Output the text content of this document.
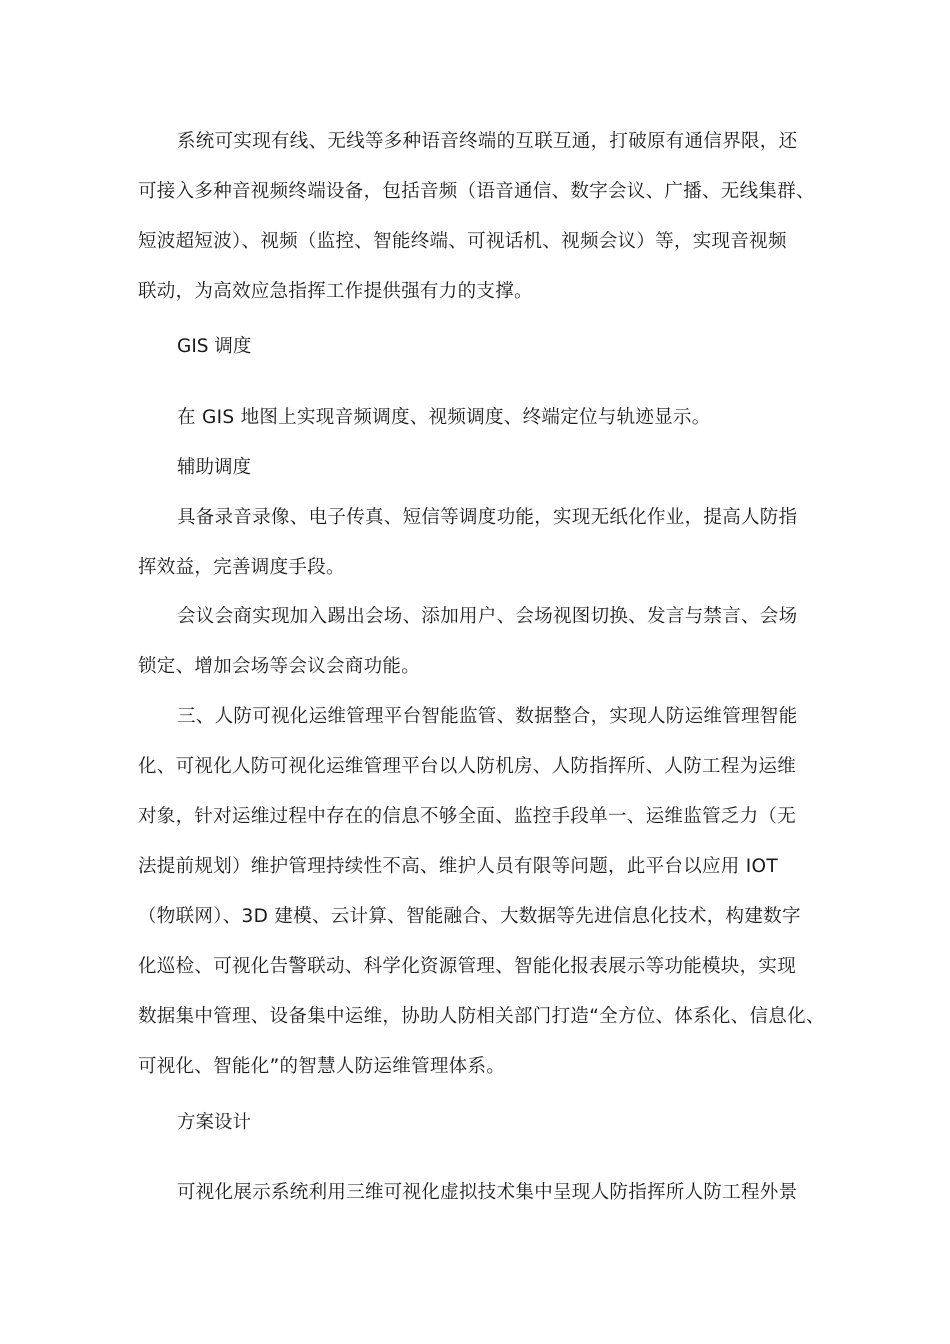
系统可实现有线、无线等多种语音终端的互联互通，打破原有通信界限，还
可接入多种音视频终端设备，包括音频（语音通信、数字会议、广播、无线集群、
短波超短波）、视频（监控、智能终端、可视话机、视频会议）等，实现音视频
联动，为高效应急指挥工作提供强有力的支撑。
GIS 调度
在 GIS 地图上实现音频调度、视频调度、终端定位与轨迹显示。
辅助调度
具备录音录像、电子传真、短信等调度功能，实现无纸化作业，提高人防指
挥效益，完善调度手段。
会议会商实现加入踢出会场、添加用户、会场视图切换、发言与禁言、会场
锁定、增加会场等会议会商功能。
三、人防可视化运维管理平台智能监管、数据整合，实现人防运维管理智能
化、可视化人防可视化运维管理平台以人防机房、人防指挥所、人防工程为运维
对象，针对运维过程中存在的信息不够全面、监控手段单一、运维监管乏力（无
法提前规划）维护管理持续性不高、维护人员有限等问题，此平台以应用 IOT
（物联网）、3D 建模、云计算、智能融合、大数据等先进信息化技术，构建数字
化巡检、可视化告警联动、科学化资源管理、智能化报表展示等功能模块，实现
数据集中管理、设备集中运维，协助人防相关部门打造“全方位、体系化、信息化、
可视化、智能化”的智慧人防运维管理体系。
方案设计
可视化展示系统利用三维可视化虚拟技术集中呈现人防指挥所人防工程外景
